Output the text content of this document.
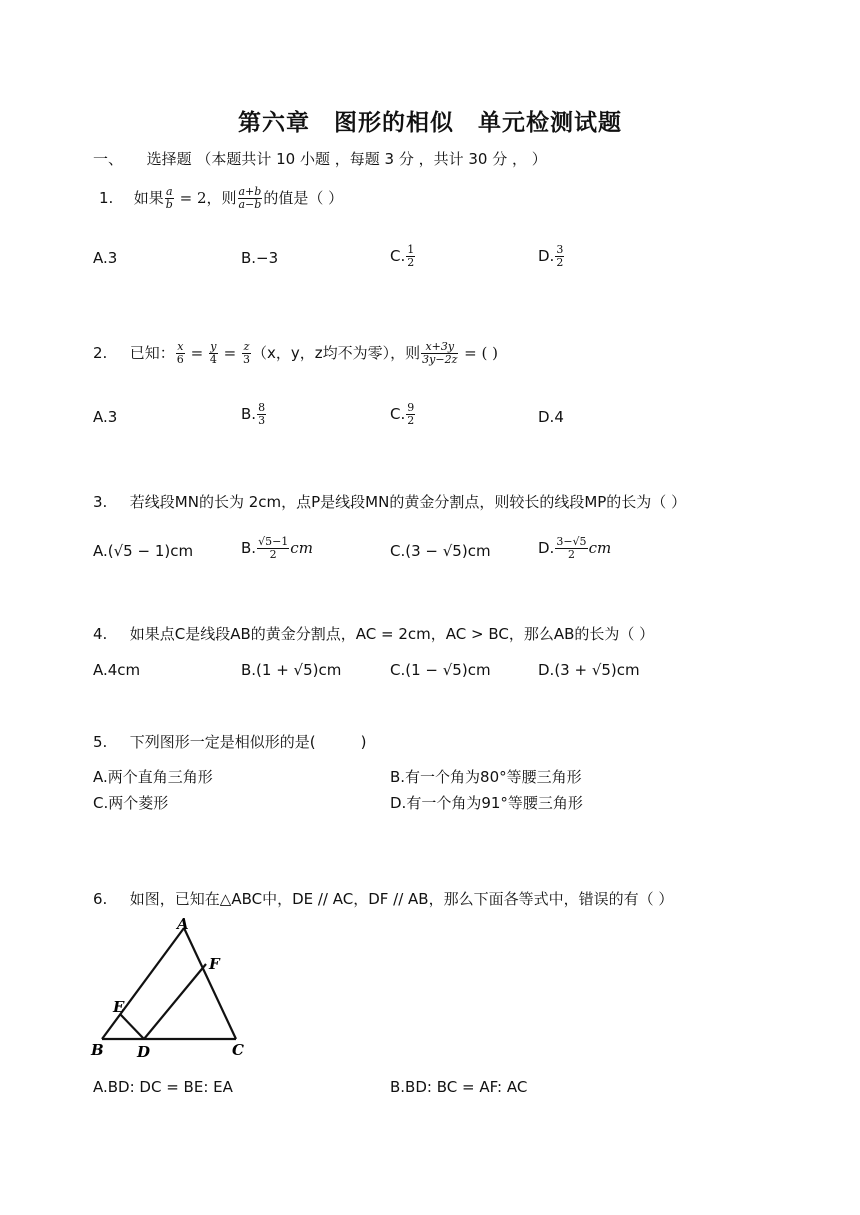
第六章　图形的相似　单元检测试题
一、 选择题 （本题共计 10 小题 ，每题 3 分 ，共计 30 分 ， ）
1. 如果 $\frac{a}{b} = 2$，则 $\frac{a+b}{a-b}$ 的值是（ ）
A.3	B.−3	C. $\frac{1}{2}$	D. $\frac{3}{2}$
2. 已知： $\frac{x}{6} = \frac{y}{4} = \frac{z}{3} (x$，y，z均不为零），则 $\frac{x+3y}{3y-2z}$ = ( )
A.3	B. $\frac{8}{3}$	C. $\frac{9}{2}$	D.4
3. 若线段MN的长为 2cm，点P是线段MN的黄金分割点，则较长的线段MP的长为（ ）
A.(√5 − 1)cm	B. $\frac{√5-1}{2}$ cm	C.(3 − √5)cm	D. $\frac{3-√5}{2}$ cm
4. 如果点C是线段AB的黄金分割点，AC = 2cm，AC > BC，那么AB的长为（ ）
A.4cm	B.(1 + √5)cm	C.(1 − √5)cm	D.(3 + √5)cm
5. 下列图形一定是相似形的是(　　　)
A.两个直角三角形	B.有一个角为80°等腰三角形
C.两个菱形	D.有一个角为91°等腰三角形
6. 如图，已知在△ABC中，DE // AC，DF // AB，那么下面各等式中，错误的有（ ）
A
B	C
D
E
F
A.BD: DC = BE: EA	B.BD: BC = AF: AC
